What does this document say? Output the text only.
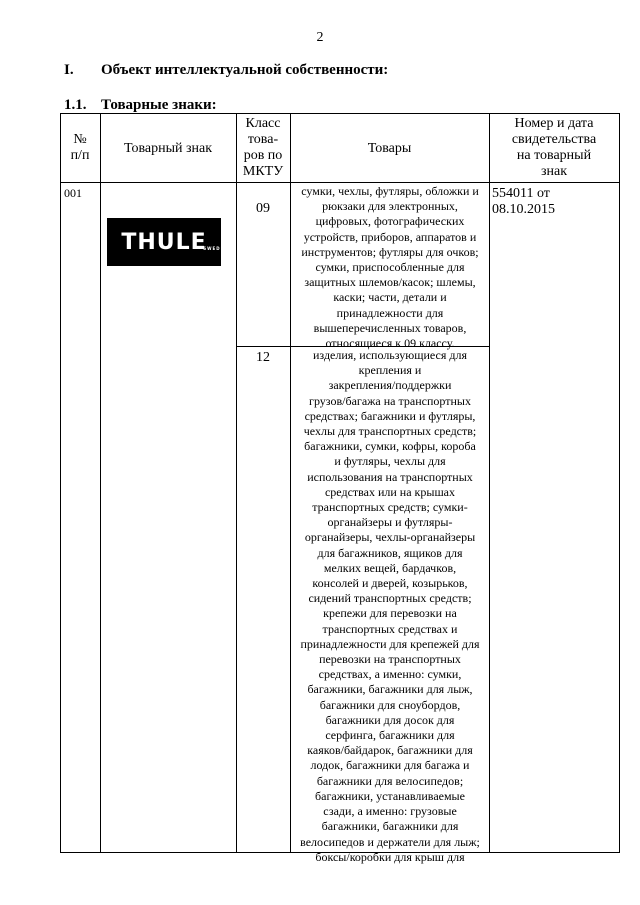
2
I. Объект интеллектуальной собственности:
1.1. Товарные знаки:
№
п/п	Товарный знак
Класс
това-
ров по
МКТУ
Товары
Номер и дата
свидетельства
на товарный
знак
001
THULE
SWEDEN
554011 от
08.10.2015
09
12
сумки, чехлы, футляры, обложки и
рюкзаки для электронных,
цифровых, фотографических
устройств, приборов, аппаратов и
инструментов; футляры для очков;
сумки, приспособленные для
защитных шлемов/касок; шлемы,
каски; части, детали и
принадлежности для
вышеперечисленных товаров,
относящиеся к 09 классу.
изделия, использующиеся для
крепления и
закрепления/поддержки
грузов/багажа на транспортных
средствах; багажники и футляры,
чехлы для транспортных средств;
багажники, сумки, кофры, короба
и футляры, чехлы для
использования на транспортных
средствах или на крышах
транспортных средств; сумки-
органайзеры и футляры-
органайзеры, чехлы-органайзеры
для багажников, ящиков для
мелких вещей, бардачков,
консолей и дверей, козырьков,
сидений транспортных средств;
крепежи для перевозки на
транспортных средствах и
принадлежности для крепежей для
перевозки на транспортных
средствах, а именно: сумки,
багажники, багажники для лыж,
багажники для сноубордов,
багажники для досок для
серфинга, багажники для
каяков/байдарок, багажники для
лодок, багажники для багажа и
багажники для велосипедов;
багажники, устанавливаемые
сзади, а именно: грузовые
багажники, багажники для
велосипедов и держатели для лыж;
боксы/коробки для крыш для
